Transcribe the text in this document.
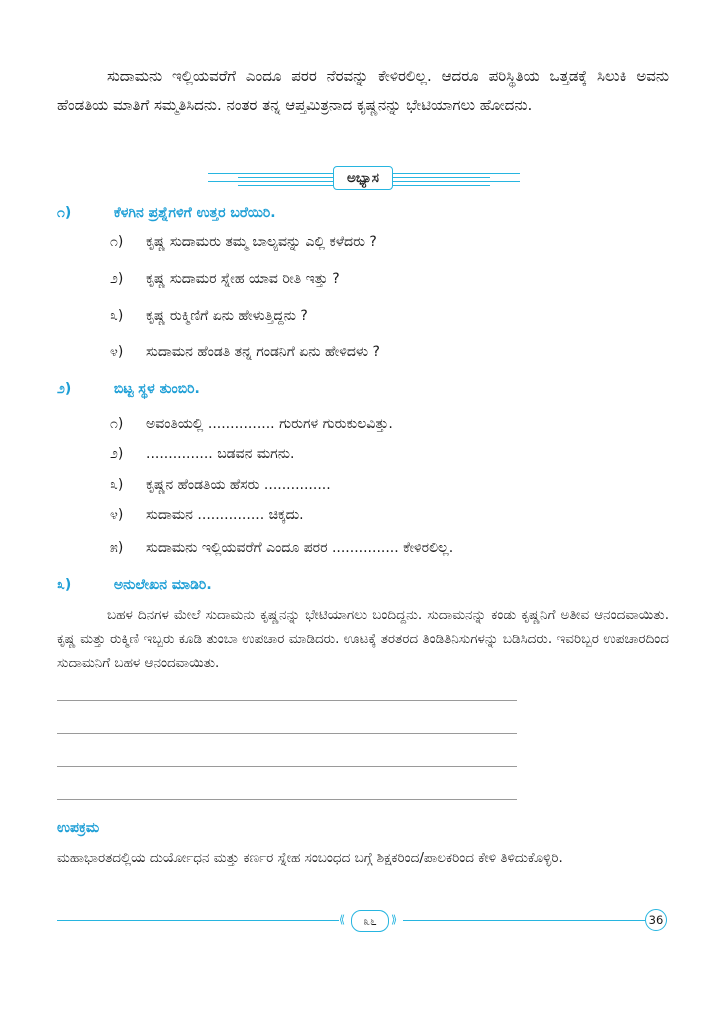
ಸುದಾಮನು ಇಲ್ಲಿಯವರೆಗೆ ಎಂದೂ ಪರರ ನೆರವನ್ನು ಕೇಳಿರಲಿಲ್ಲ. ಆದರೂ ಪರಿಸ್ಥಿತಿಯ ಒತ್ತಡಕ್ಕೆ ಸಿಲುಕಿ ಅವನು ಹೆಂಡತಿಯ ಮಾತಿಗೆ ಸಮ್ಮತಿಸಿದನು. ನಂತರ ತನ್ನ ಆಪ್ತಮಿತ್ರನಾದ ಕೃಷ್ಣನನ್ನು ಭೇಟಿಯಾಗಲು ಹೋದನು.
ಅಭ್ಯಾಸ
೧)	ಕೆಳಗಿನ ಪ್ರಶ್ನೆಗಳಿಗೆ ಉತ್ತರ ಬರೆಯಿರಿ.
೧) ಕೃಷ್ಣ ಸುದಾಮರು ತಮ್ಮ ಬಾಲ್ಯವನ್ನು ಎಲ್ಲಿ ಕಳೆದರು ?
೨) ಕೃಷ್ಣ ಸುದಾಮರ ಸ್ನೇಹ ಯಾವ ರೀತಿ ಇತ್ತು ?
೩) ಕೃಷ್ಣ ರುಕ್ಮಿಣಿಗೆ ಏನು ಹೇಳುತ್ತಿದ್ದನು ?
೪) ಸುದಾಮನ ಹೆಂಡತಿ ತನ್ನ ಗಂಡನಿಗೆ ಏನು ಹೇಳಿದಳು ?
೨)	ಬಿಟ್ಟ ಸ್ಥಳ ತುಂಬಿರಿ.
೧) ಅವಂತಿಯಲ್ಲಿ ............... ಗುರುಗಳ ಗುರುಕುಲವಿತ್ತು.
೨) ............... ಬಡವನ ಮಗನು.
೩) ಕೃಷ್ಣನ ಹೆಂಡತಿಯ ಹೆಸರು ...............
೪) ಸುದಾಮನ ............... ಚಿಕ್ಕದು.
೫) ಸುದಾಮನು ಇಲ್ಲಿಯವರೆಗೆ ಎಂದೂ ಪರರ ............... ಕೇಳಿರಲಿಲ್ಲ.
೩)	ಅನುಲೇಖನ ಮಾಡಿರಿ.
ಬಹಳ ದಿನಗಳ ಮೇಲೆ ಸುದಾಮನು ಕೃಷ್ಣನನ್ನು ಭೇಟಿಯಾಗಲು ಬಂದಿದ್ದನು. ಸುದಾಮನನ್ನು ಕಂಡು ಕೃಷ್ಣನಿಗೆ ಅತೀವ ಆನಂದವಾಯಿತು. ಕೃಷ್ಣ ಮತ್ತು ರುಕ್ಮಿಣಿ ಇಬ್ಬರು ಕೂಡಿ ತುಂಬಾ ಉಪಚಾರ ಮಾಡಿದರು. ಊಟಕ್ಕೆ ತರತರದ ತಿಂಡಿತಿನಿಸುಗಳನ್ನು ಬಡಿಸಿದರು. ಇವರಿಬ್ಬರ ಉಪಚಾರದಿಂದ ಸುದಾಮನಿಗೆ ಬಹಳ ಆನಂದವಾಯಿತು.
ಉಪಕ್ರಮ
ಮಹಾಭಾರತದಲ್ಲಿಯ ದುರ್ಯೋಧನ ಮತ್ತು ಕರ್ಣರ ಸ್ನೇಹ ಸಂಬಂಧದ ಬಗ್ಗೆ ಶಿಕ್ಷಕರಿಂದ/ಪಾಲಕರಿಂದ ಕೇಳಿ ತಿಳಿದುಕೊಳ್ಳಿರಿ.
⟪	೩೬	⟫	36
